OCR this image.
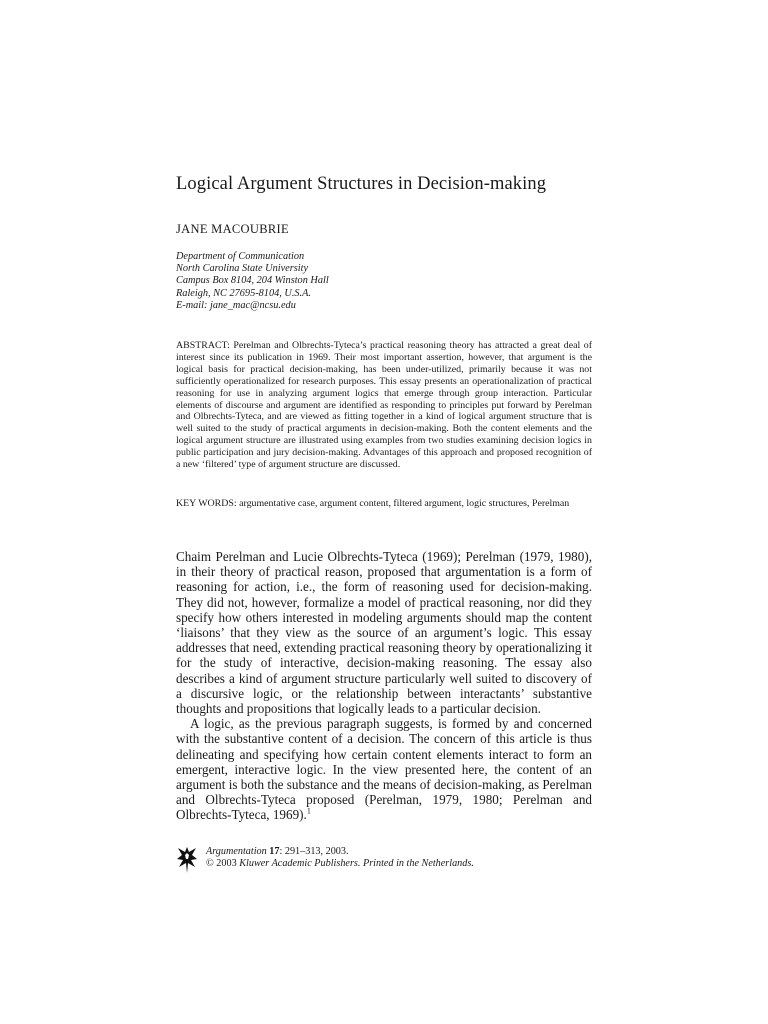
Logical Argument Structures in Decision-making
JANE MACOUBRIE
Department of Communication
North Carolina State University
Campus Box 8104, 204 Winston Hall
Raleigh, NC 27695-8104, U.S.A.
E-mail: jane_mac@ncsu.edu
ABSTRACT: Perelman and Olbrechts-Tyteca’s practical reasoning theory has attracted a great deal of interest since its publication in 1969. Their most important assertion, however, that argument is the logical basis for practical decision-making, has been under-utilized, primarily because it was not sufficiently operationalized for research purposes. This essay presents an operationalization of practical reasoning for use in analyzing argument logics that emerge through group interaction. Particular elements of discourse and argument are identified as responding to principles put forward by Perelman and Olbrechts-Tyteca, and are viewed as fitting together in a kind of logical argument structure that is well suited to the study of practical arguments in decision-making. Both the content elements and the logical argument structure are illustrated using examples from two studies examining decision logics in public participation and jury decision-making. Advantages of this approach and proposed recognition of a new ‘filtered’ type of argument structure are discussed.
KEY WORDS: argumentative case, argument content, filtered argument, logic structures, Perelman

Chaim Perelman and Lucie Olbrechts-Tyteca (1969); Perelman (1979, 1980), in their theory of practical reason, proposed that argumentation is a form of reasoning for action, i.e., the form of reasoning used for decision-making. They did not, however, formalize a model of practical reasoning, nor did they specify how others interested in modeling arguments should map the content ‘liaisons’ that they view as the source of an argument’s logic. This essay addresses that need, extending practical reasoning theory by operationalizing it for the study of interactive, decision-making reasoning. The essay also describes a kind of argument structure particularly well suited to discovery of a discursive logic, or the relationship between interactants’ substantive thoughts and propositions that logically leads to a particular decision.

A logic, as the previous paragraph suggests, is formed by and concerned with the substantive content of a decision. The concern of this article is thus delineating and specifying how certain content elements interact to form an emergent, interactive logic. In the view presented here, the content of an argument is both the substance and the means of decision-making, as Perelman and Olbrechts-Tyteca proposed (Perelman, 1979, 1980; Perelman and Olbrechts-Tyteca, 1969).$^1$

Argumentation 17: 291–313, 2003.
© 2003 Kluwer Academic Publishers. Printed in the Netherlands.
